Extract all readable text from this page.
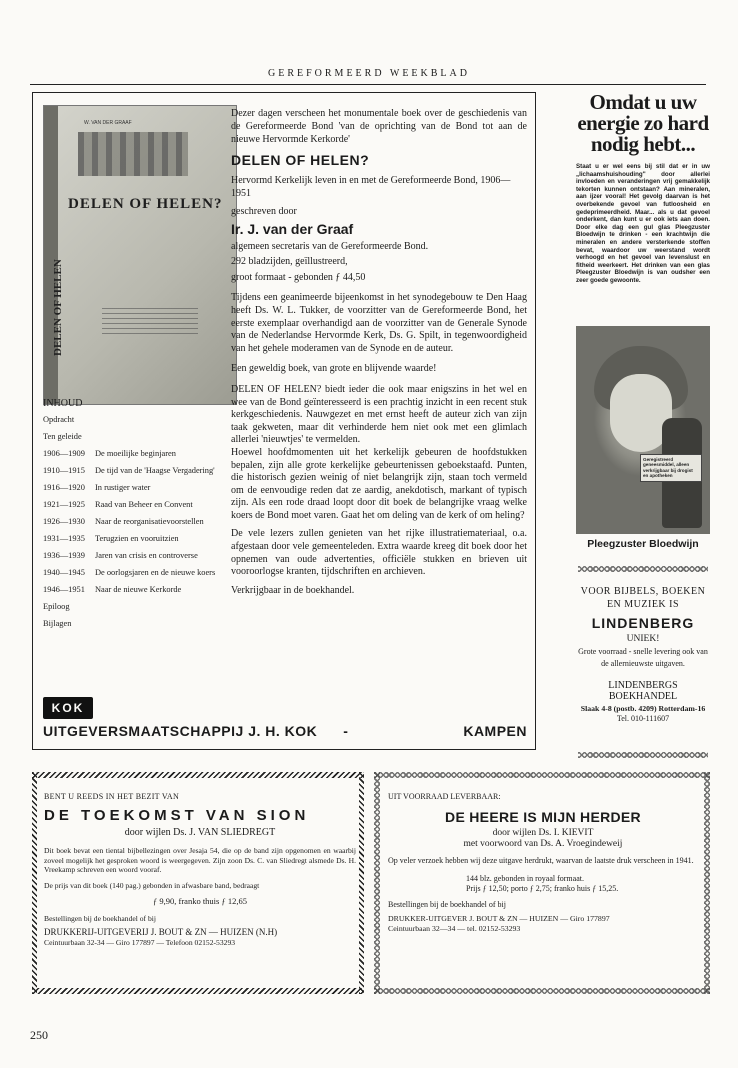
GEREFORMEERD WEEKBLAD
W. VAN DER GRAAF
DELEN OF HELEN?
DELEN OF HELEN
INHOUD
Opdracht
Ten geleide
1906—1909	De moeilijke beginjaren
1910—1915	De tijd van de 'Haagse Vergadering'
1916—1920	In rustiger water
1921—1925	Raad van Beheer en Convent
1926—1930	Naar de reorganisatievoorstellen
1931—1935	Terugzien en vooruitzien
1936—1939	Jaren van crisis en controverse
1940—1945	De oorlogsjaren en de nieuwe koers
1946—1951	Naar de nieuwe Kerkorde
Epiloog
Bijlagen

Dezer dagen verscheen het monumentale boek over de geschiedenis van de Gereformeerde Bond 'van de oprichting van de Bond tot aan de nieuwe Hervormde Kerkorde'

DELEN OF HELEN?

Hervormd Kerkelijk leven in en met de Gereformeerde Bond, 1906—1951

geschreven door

Ir. J. van der Graaf

algemeen secretaris van de Gereformeerde Bond.

292 bladzijden, geïllustreerd,

groot formaat - gebonden ƒ 44,50

Tijdens een geanimeerde bijeenkomst in het synodegebouw te Den Haag heeft Ds. W. L. Tukker, de voorzitter van de Gereformeerde Bond, het eerste exemplaar overhandigd aan de voorzitter van de Generale Synode van de Nederlandse Hervormde Kerk, Ds. G. Spilt, in tegenwoordigheid van het gehele moderamen van de Synode en de auteur.

Een geweldig boek, van grote en blijvende waarde!

DELEN OF HELEN? biedt ieder die ook maar enigszins in het wel en wee van de Bond geïnteresseerd is een prachtig inzicht in een recent stuk kerkgeschiedenis. Nauwgezet en met ernst heeft de auteur zich van zijn taak gekweten, maar dit verhinderde hem niet ook met een glimlach allerlei 'nieuwtjes' te vermelden.

Hoewel hoofdmomenten uit het kerkelijk gebeuren de hoofdstukken bepalen, zijn alle grote kerkelijke gebeurtenissen geboekstaafd. Punten, die historisch gezien weinig of niet belangrijk zijn, staan toch vermeld om de eenvoudige reden dat ze aardig, anekdotisch, markant of typisch zijn. Als een rode draad loopt door dit boek de belangrijke vraag welke koers de Bond moet varen. Gaat het om deling van de kerk of om heling?

De vele lezers zullen genieten van het rijke illustratiemateriaal, o.a. afgestaan door vele gemeenteleden. Extra waarde kreeg dit boek door het opnemen van oude advertenties, officiële stukken en brieven uit vooroorlogse kranten, tijdschriften en archieven.

Verkrijgbaar in de boekhandel.

KOK
UITGEVERSMAATSCHAPPIJ J. H. KOK -	KAMPEN
Omdat u uw energie zo hard nodig hebt...
Staat u er wel eens bij stil dat er in uw „lichaamshuishouding" door allerlei invloeden en veranderingen vrij gemakkelijk tekorten kunnen ontstaan? Aan mineralen, aan ijzer vooral! Het gevolg daarvan is het overbekende gevoel van futloosheid en gedeprimeerdheid. Maar... als u dat gevoel onderkent, dan kunt u er ook iets aan doen. Door elke dag een gul glas Pleegzuster Bloedwijn te drinken - een krachtwijn die mineralen en andere versterkende stoffen bevat, waardoor uw weerstand wordt verhoogd en het gevoel van levenslust en fitheid weerkeert. Het drinken van een glas Pleegzuster Bloedwijn is van oudsher een zeer goede gewoonte.
Geregistreerd geneesmiddel, alleen verkrijgbaar bij drogist en apotheken
Pleegzuster Bloedwijn
VOOR BIJBELS, BOEKEN EN MUZIEK IS
LINDENBERG
UNIEK!
Grote voorraad - snelle levering ook van de allernieuwste uitgaven.
LINDENBERGS BOEKHANDEL
Slaak 4-8 (postb. 4209) Rotterdam-16
Tel. 010-111607
BENT U REEDS IN HET BEZIT VAN
DE TOEKOMST VAN SION
door wijlen Ds. J. VAN SLIEDREGT
Dit boek bevat een tiental bijbellezingen over Jesaja 54, die op de band zijn opgenomen en waarbij zoveel mogelijk het gesproken woord is weergegeven. Zijn zoon Ds. C. van Sliedregt alsmede Ds. H. Vreekamp schreven een woord vooraf.
De prijs van dit boek (140 pag.) gebonden in afwasbare band, bedraagt
ƒ 9,90, franko thuis ƒ 12,65
Bestellingen bij de boekhandel of bij
DRUKKERIJ-UITGEVERIJ J. BOUT & ZN — HUIZEN (N.H)
Ceintuurbaan 32-34 — Giro 177897 — Telefoon 02152-53293
UIT VOORRAAD LEVERBAAR:
DE HEERE IS MIJN HERDER
door wijlen Ds. I. KIEVIT
met voorwoord van Ds. A. Vroegindeweij
Op veler verzoek hebben wij deze uitgave herdrukt, waarvan de laatste druk verscheen in 1941.
144 blz. gebonden in royaal formaat.
Prijs ƒ 12,50; porto ƒ 2,75; franko huis ƒ 15,25.
Bestellingen bij de boekhandel of bij
DRUKKER-UITGEVER J. BOUT & ZN — HUIZEN — Giro 177897
Ceintuurbaan 32—34 — tel. 02152-53293
250
